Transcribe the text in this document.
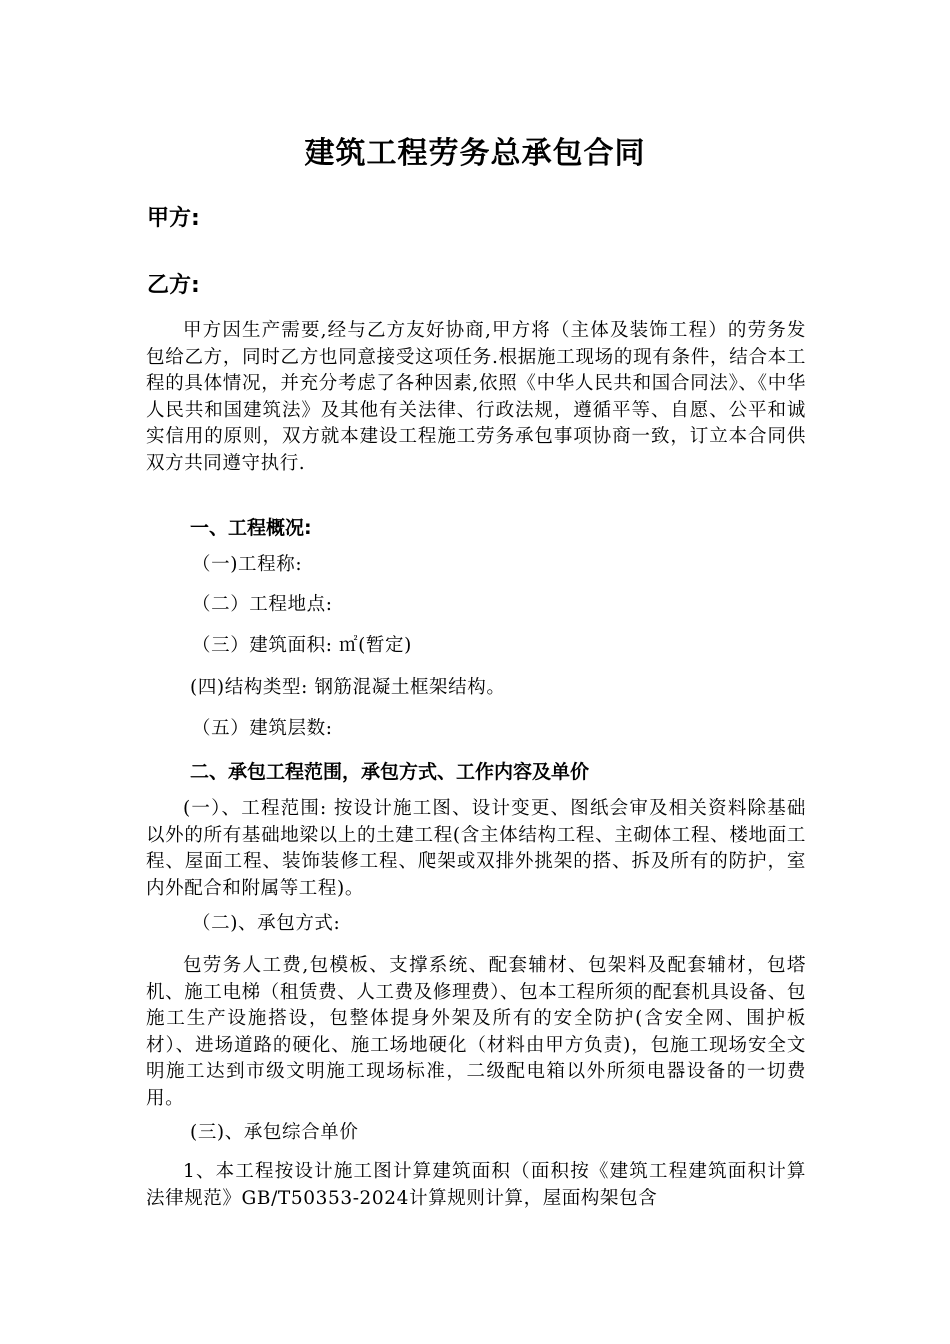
建筑工程劳务总承包合同
甲方:
乙方:
甲方因生产需要,经与乙方友好协商,甲方将（主体及装饰工程）的劳务发包给乙方，同时乙方也同意接受这项任务.根据施工现场的现有条件，结合本工程的具体情况，并充分考虑了各种因素,依照《中华人民共和国合同法》、《中华人民共和国建筑法》及其他有关法律、行政法规，遵循平等、自愿、公平和诚实信用的原则，双方就本建设工程施工劳务承包事项协商一致，订立本合同供双方共同遵守执行.
一、工程概况:
（一)工程称:
（二）工程地点:
（三）建筑面积: ㎡(暂定)
(四)结构类型: 钢筋混凝土框架结构。
（五）建筑层数:
二、承包工程范围，承包方式、工作内容及单价
(一）、工程范围: 按设计施工图、设计变更、图纸会审及相关资料除基础以外的所有基础地梁以上的土建工程(含主体结构工程、主砌体工程、楼地面工程、屋面工程、装饰装修工程、爬架或双排外挑架的搭、拆及所有的防护，室内外配合和附属等工程)。
（二)、承包方式:
包劳务人工费,包模板、支撑系统、配套辅材、包架料及配套辅材，包塔机、施工电梯（租赁费、人工费及修理费）、包本工程所须的配套机具设备、包施工生产设施搭设，包整体提身外架及所有的安全防护(含安全网、围护板材）、进场道路的硬化、施工场地硬化（材料由甲方负责)，包施工现场安全文明施工达到市级文明施工现场标准，二级配电箱以外所须电器设备的一切费用。
(三)、承包综合单价
1、本工程按设计施工图计算建筑面积（面积按《建筑工程建筑面积计算法律规范》GB/T50353-2024计算规则计算，屋面构架包含
